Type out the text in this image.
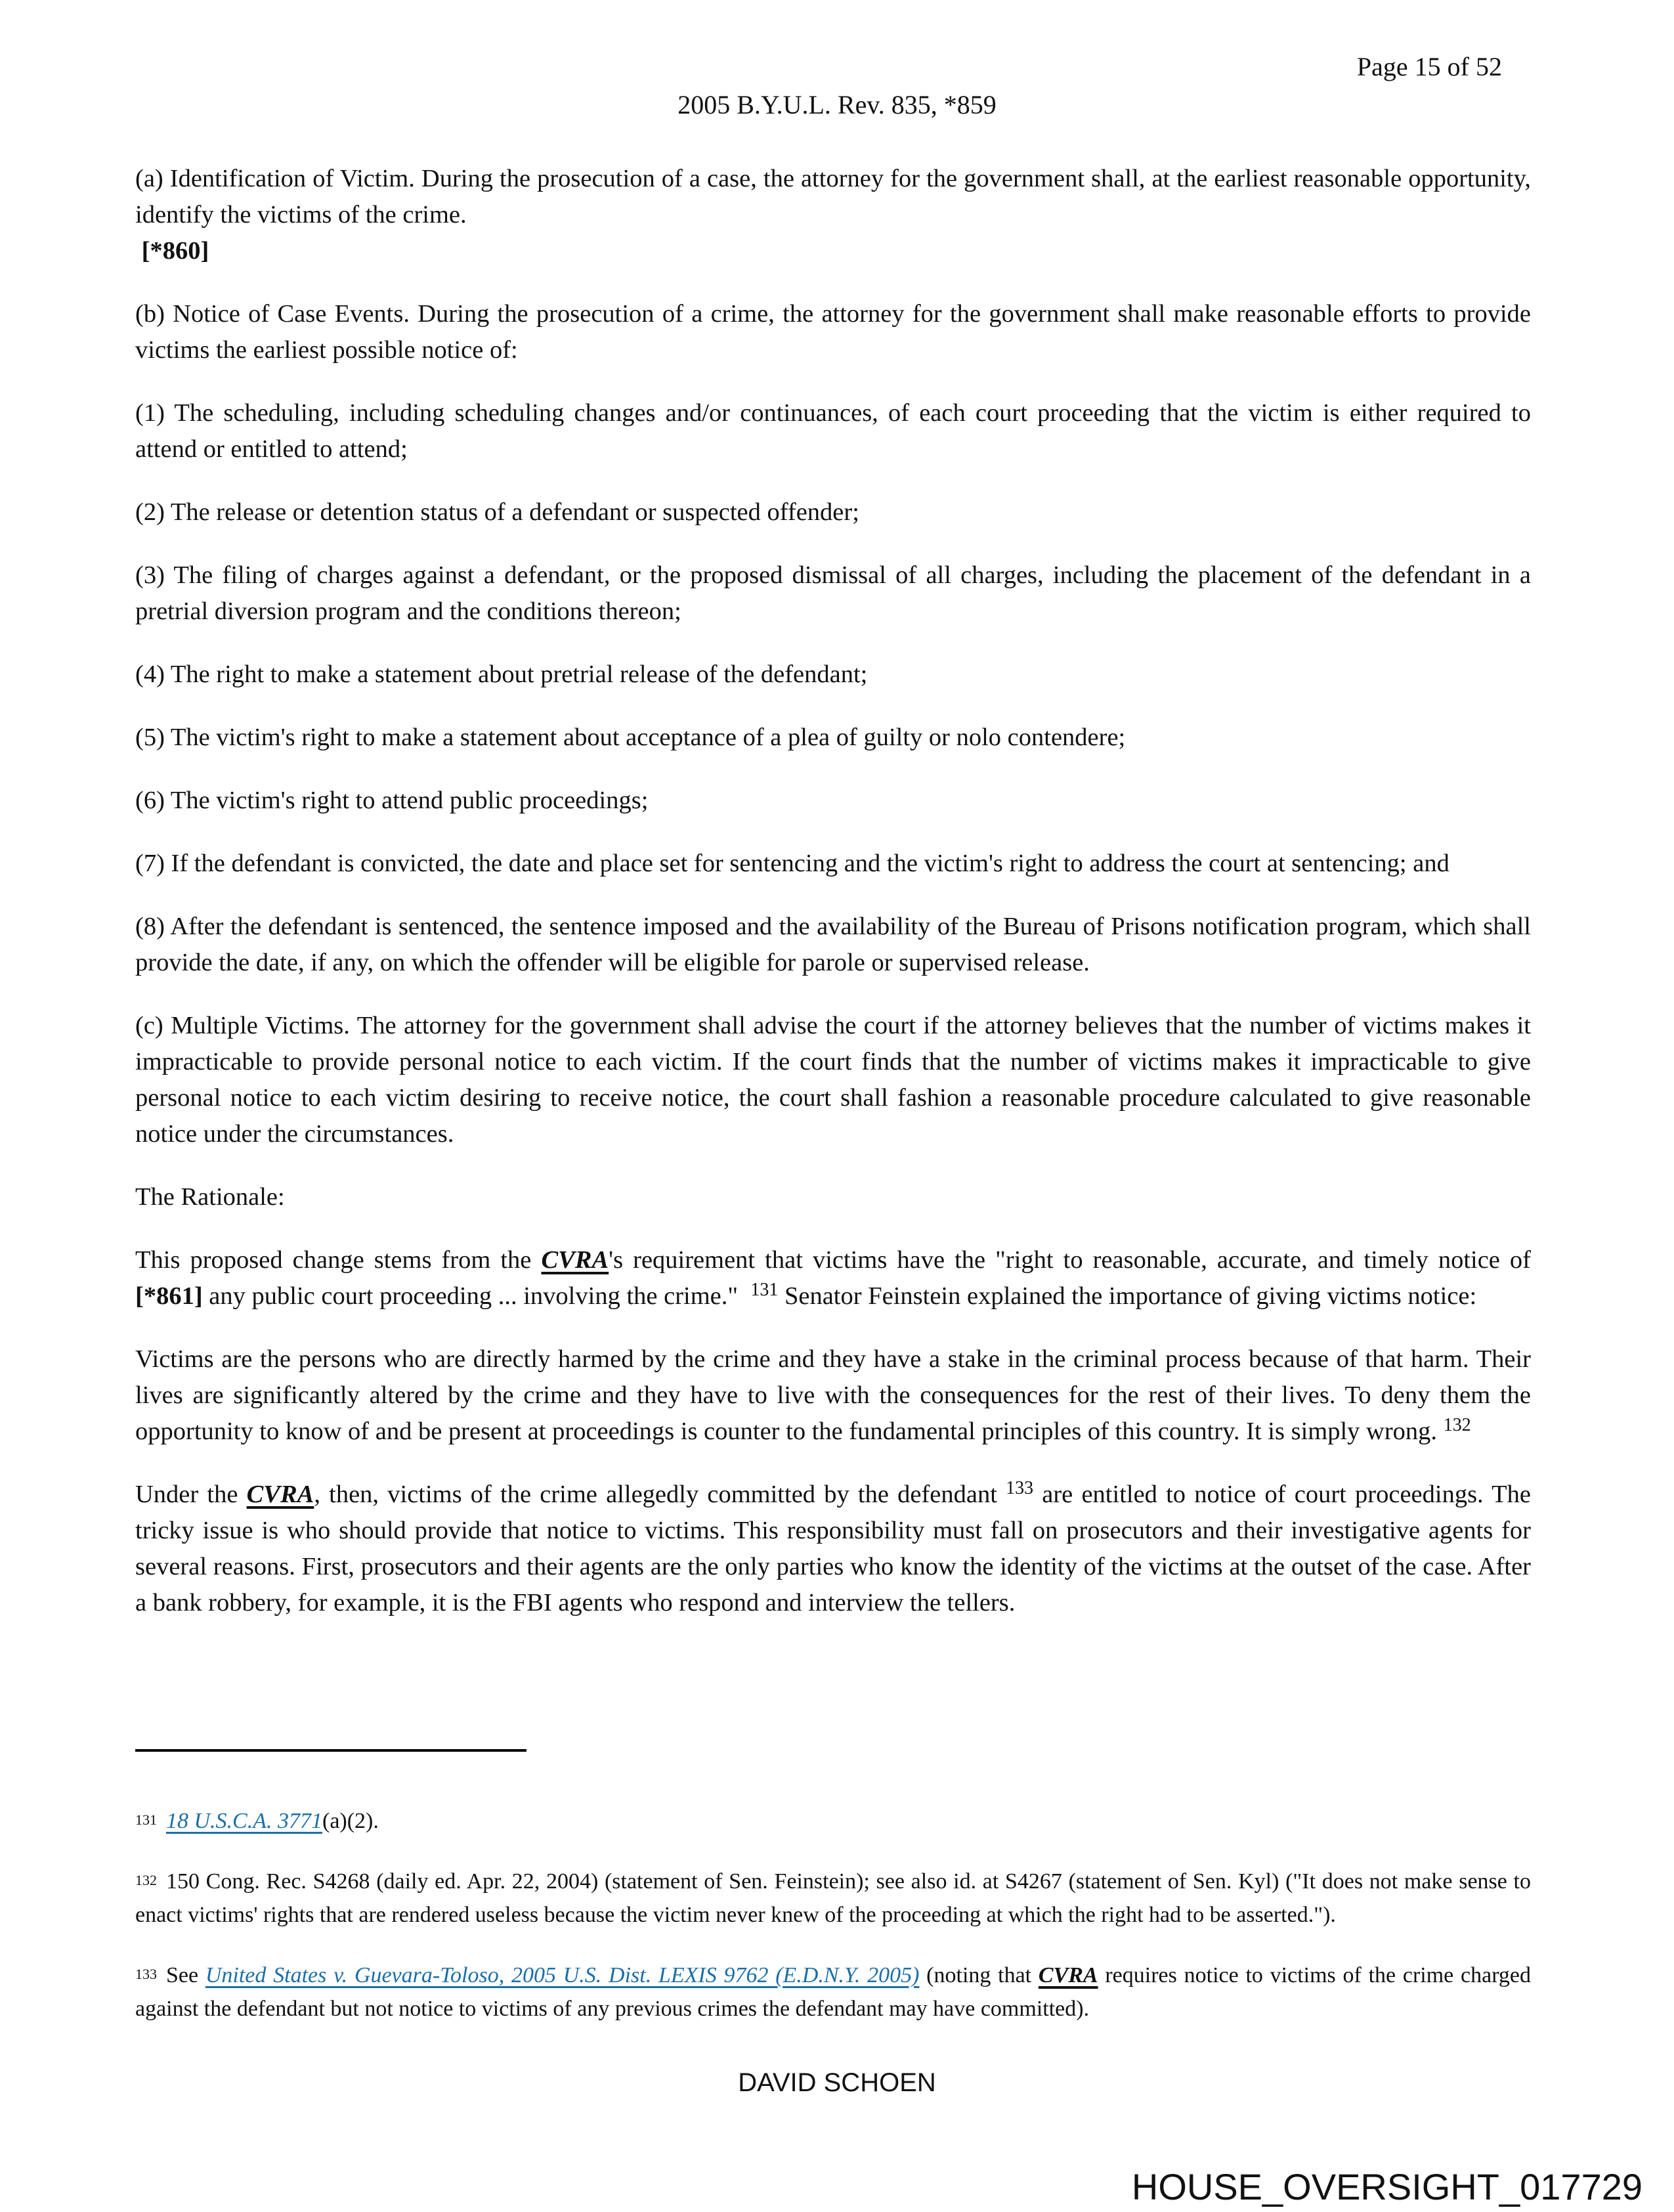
Page 15 of 52
2005 B.Y.U.L. Rev. 835, *859

(a) Identification of Victim. During the prosecution of a case, the attorney for the government shall, at the earliest reasonable opportunity, identify the victims of the crime.

[*860]

(b) Notice of Case Events. During the prosecution of a crime, the attorney for the government shall make reasonable efforts to provide victims the earliest possible notice of:

(1) The scheduling, including scheduling changes and/or continuances, of each court proceeding that the victim is either required to attend or entitled to attend;

(2) The release or detention status of a defendant or suspected offender;

(3) The filing of charges against a defendant, or the proposed dismissal of all charges, including the placement of the defendant in a pretrial diversion program and the conditions thereon;

(4) The right to make a statement about pretrial release of the defendant;

(5) The victim's right to make a statement about acceptance of a plea of guilty or nolo contendere;

(6) The victim's right to attend public proceedings;

(7) If the defendant is convicted, the date and place set for sentencing and the victim's right to address the court at sentencing; and

(8) After the defendant is sentenced, the sentence imposed and the availability of the Bureau of Prisons notification program, which shall provide the date, if any, on which the offender will be eligible for parole or supervised release.

(c) Multiple Victims. The attorney for the government shall advise the court if the attorney believes that the number of victims makes it impracticable to provide personal notice to each victim. If the court finds that the number of victims makes it impracticable to give personal notice to each victim desiring to receive notice, the court shall fashion a reasonable procedure calculated to give reasonable notice under the circumstances.

The Rationale:

This proposed change stems from the CVRA's requirement that victims have the "right to reasonable, accurate, and timely notice of [*861] any public court proceeding ... involving the crime."  $^{131}$ Senator Feinstein explained the importance of giving victims notice:

Victims are the persons who are directly harmed by the crime and they have a stake in the criminal process because of that harm. Their lives are significantly altered by the crime and they have to live with the consequences for the rest of their lives. To deny them the opportunity to know of and be present at proceedings is counter to the fundamental principles of this country. It is simply wrong. $^{132}$

Under the CVRA, then, victims of the crime allegedly committed by the defendant $^{133}$ are entitled to notice of court proceedings. The tricky issue is who should provide that notice to victims. This responsibility must fall on prosecutors and their investigative agents for several reasons. First, prosecutors and their agents are the only parties who know the identity of the victims at the outset of the case. After a bank robbery, for example, it is the FBI agents who respond and interview the tellers.

$^{131}$ 18 U.S.C.A. 3771(a)(2).

$^{132}$ 150 Cong. Rec. S4268 (daily ed. Apr. 22, 2004) (statement of Sen. Feinstein); see also id. at S4267 (statement of Sen. Kyl) ("It does not make sense to enact victims' rights that are rendered useless because the victim never knew of the proceeding at which the right had to be asserted.").

$^{133}$ See United States v. Guevara-Toloso, 2005 U.S. Dist. LEXIS 9762 (E.D.N.Y. 2005) (noting that CVRA requires notice to victims of the crime charged against the defendant but not notice to victims of any previous crimes the defendant may have committed).

DAVID SCHOEN
HOUSE_OVERSIGHT_017729
